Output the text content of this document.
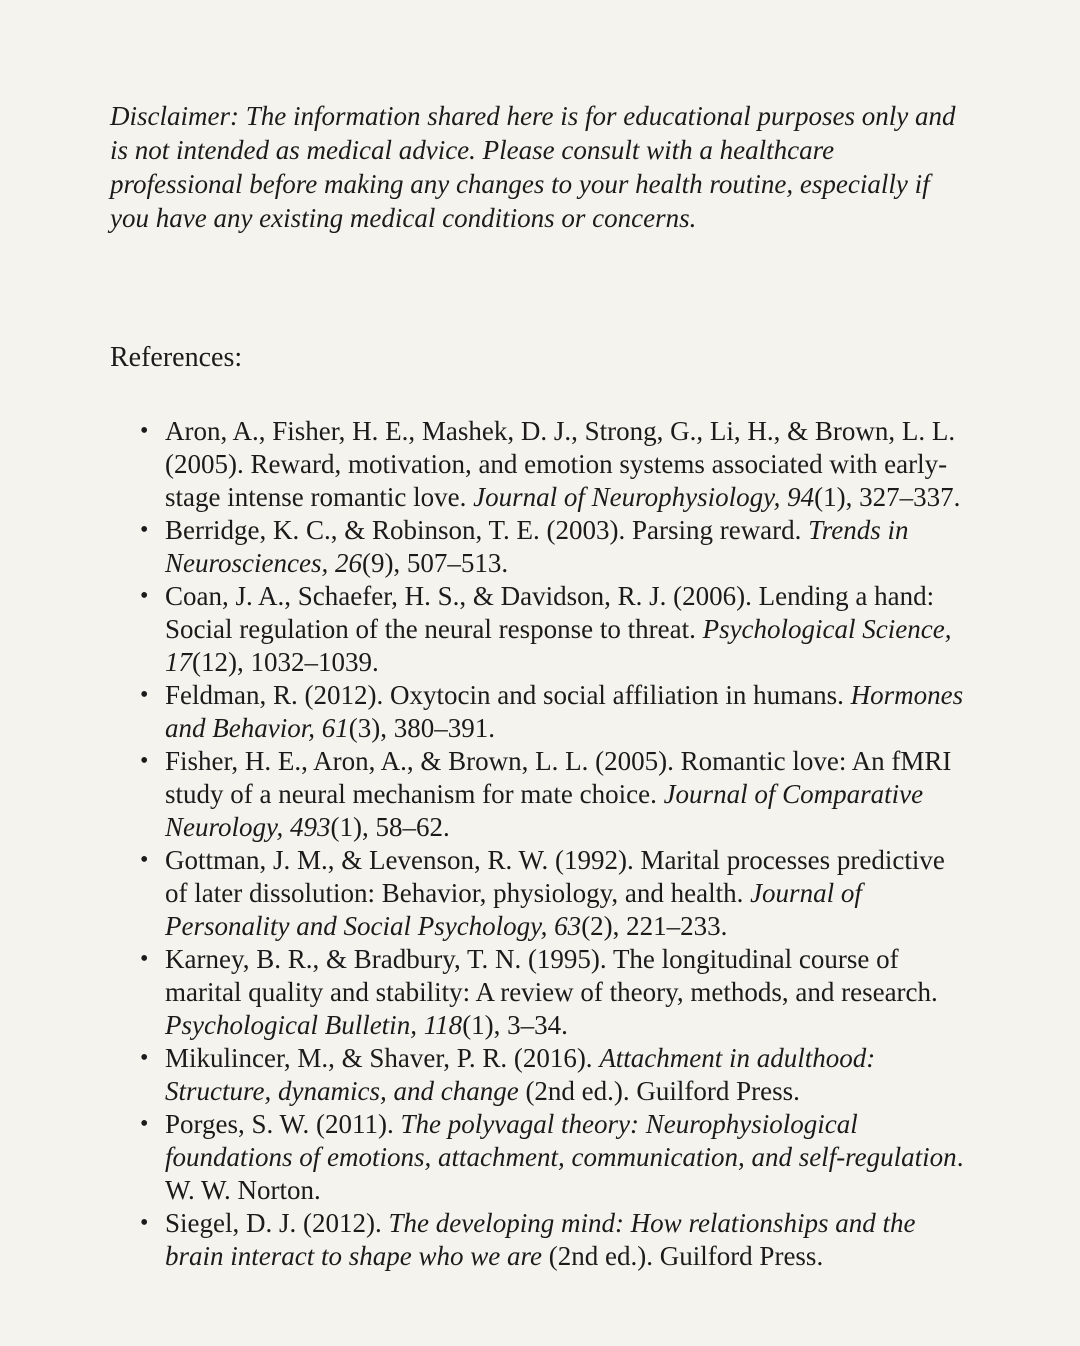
Disclaimer: The information shared here is for educational purposes only and is not intended as medical advice. Please consult with a healthcare professional before making any changes to your health routine, especially if you have any existing medical conditions or concerns.

References:
• Aron, A., Fisher, H. E., Mashek, D. J., Strong, G., Li, H., & Brown, L. L. (2005). Reward, motivation, and emotion systems associated with early-stage intense romantic love. Journal of Neurophysiology, 94(1), 327–337.
• Berridge, K. C., & Robinson, T. E. (2003). Parsing reward. Trends in Neurosciences, 26(9), 507–513.
• Coan, J. A., Schaefer, H. S., & Davidson, R. J. (2006). Lending a hand: Social regulation of the neural response to threat. Psychological Science, 17(12), 1032–1039.
• Feldman, R. (2012). Oxytocin and social affiliation in humans. Hormones and Behavior, 61(3), 380–391.
• Fisher, H. E., Aron, A., & Brown, L. L. (2005). Romantic love: An fMRI study of a neural mechanism for mate choice. Journal of Comparative Neurology, 493(1), 58–62.
• Gottman, J. M., & Levenson, R. W. (1992). Marital processes predictive of later dissolution: Behavior, physiology, and health. Journal of Personality and Social Psychology, 63(2), 221–233.
• Karney, B. R., & Bradbury, T. N. (1995). The longitudinal course of marital quality and stability: A review of theory, methods, and research. Psychological Bulletin, 118(1), 3–34.
• Mikulincer, M., & Shaver, P. R. (2016). Attachment in adulthood: Structure, dynamics, and change (2nd ed.). Guilford Press.
• Porges, S. W. (2011). The polyvagal theory: Neurophysiological foundations of emotions, attachment, communication, and self-regulation. W. W. Norton.
• Siegel, D. J. (2012). The developing mind: How relationships and the brain interact to shape who we are (2nd ed.). Guilford Press.
